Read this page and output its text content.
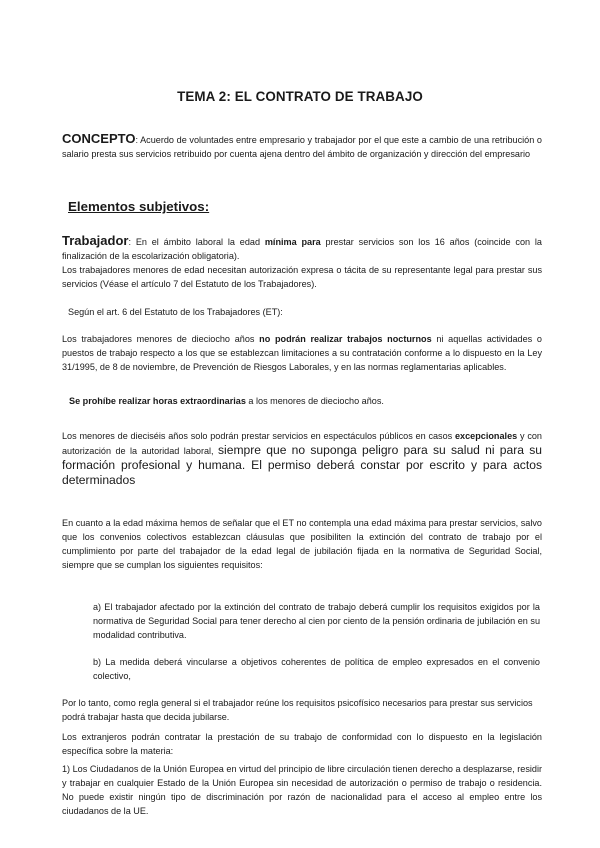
TEMA 2: EL CONTRATO DE TRABAJO

CONCEPTO: Acuerdo de voluntades entre empresario y trabajador por el que este a cambio de una retribución o salario presta sus servicios retribuido por cuenta ajena dentro del ámbito de organización y dirección del empresario

Elementos subjetivos:

Trabajador: En el ámbito laboral la edad mínima para prestar servicios son los 16 años (coincide con la finalización de la escolarización obligatoria).
Los trabajadores menores de edad necesitan autorización expresa o tácita de su representante legal para prestar sus servicios (Véase el artículo 7 del Estatuto de los Trabajadores).

Según el art. 6 del Estatuto de los Trabajadores (ET):

Los trabajadores menores de dieciocho años no podrán realizar trabajos nocturnos ni aquellas actividades o puestos de trabajo respecto a los que se establezcan limitaciones a su contratación conforme a lo dispuesto en la Ley 31/1995, de 8 de noviembre, de Prevención de Riesgos Laborales, y en las normas reglamentarias aplicables.

Se prohíbe realizar horas extraordinarias a los menores de dieciocho años.

Los menores de dieciséis años solo podrán prestar servicios en espectáculos públicos en casos excepcionales y con autorización de la autoridad laboral, siempre que no suponga peligro para su salud ni para su formación profesional y humana. El permiso deberá constar por escrito y para actos determinados

En cuanto a la edad máxima hemos de señalar que el ET no contempla una edad máxima para prestar servicios, salvo que los convenios colectivos establezcan cláusulas que posibiliten la extinción del contrato de trabajo por el cumplimiento por parte del trabajador de la edad legal de jubilación fijada en la normativa de Seguridad Social, siempre que se cumplan los siguientes requisitos:

a) El trabajador afectado por la extinción del contrato de trabajo deberá cumplir los requisitos exigidos por la normativa de Seguridad Social para tener derecho al cien por ciento de la pensión ordinaria de jubilación en su modalidad contributiva.

b) La medida deberá vincularse a objetivos coherentes de política de empleo expresados en el convenio colectivo,

Por lo tanto, como regla general si el trabajador reúne los requisitos psicofísico necesarios para prestar sus servicios podrá trabajar hasta que decida jubilarse.

Los extranjeros podrán contratar la prestación de su trabajo de conformidad con lo dispuesto en la legislación específica sobre la materia:

1) Los Ciudadanos de la Unión Europea en virtud del principio de libre circulación tienen derecho a desplazarse, residir y trabajar en cualquier Estado de la Unión Europea sin necesidad de autorización o permiso de trabajo o residencia. No puede existir ningún tipo de discriminación por razón de nacionalidad para el acceso al empleo entre los ciudadanos de la UE.
